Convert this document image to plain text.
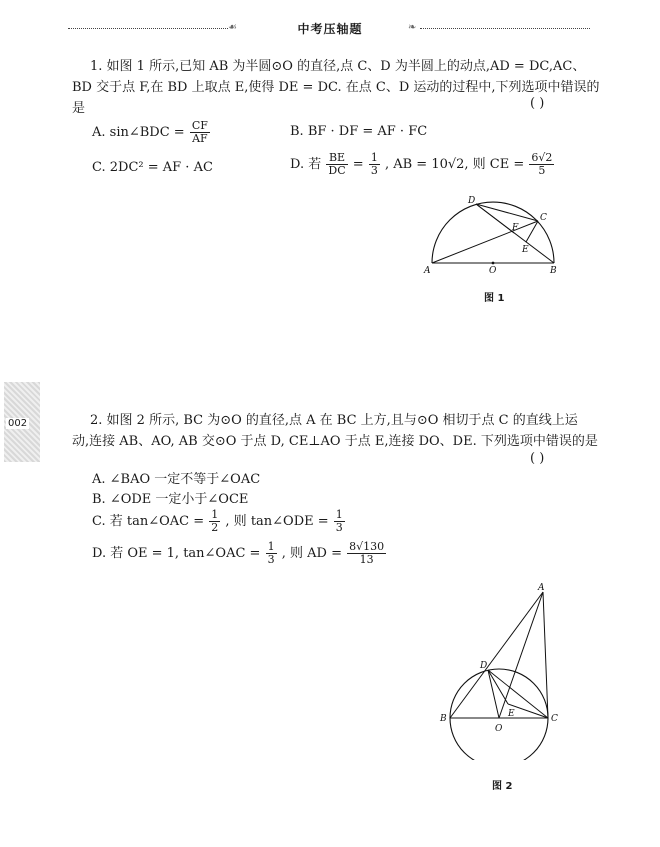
☙	中考压轴题	❧
002
1. 如图 1 所示,已知 AB 为半圆⊙O 的直径,点 C、D 为半圆上的动点,AD = DC,AC、
BD 交于点 F,在 BD 上取点 E,使得 DE = DC. 在点 C、D 运动的过程中,下列选项中错误的
是	( )
A. sin∠BDC = $\frac{CF}{AF}$	B. BF · DF = AF · FC
C. 2DC² = AF · AC	D. 若 $\frac{BE}{DC} = \frac{1}{3}$ , AB = 10√2, 则 CE = $\frac{6√2}{5}$
A	B
O
C
D
E
F
图 1
2. 如图 2 所示, BC 为⊙O 的直径,点 A 在 BC 上方,且与⊙O 相切于点 C 的直线上运
动,连接 AB、AO, AB 交⊙O 于点 D, CE⊥AO 于点 E,连接 DO、DE. 下列选项中错误的是
( )
A. ∠BAO 一定不等于∠OAC
B. ∠ODE 一定小于∠OCE
C. 若 tan∠OAC = $\frac{1}{2}$ , 则 tan∠ODE = $\frac{1}{3}$
D. 若 OE = 1, tan∠OAC = $\frac{1}{3}$ , 则 AD = $\frac{8√130}{13}$
A
B	C
D
E
O
图 2
